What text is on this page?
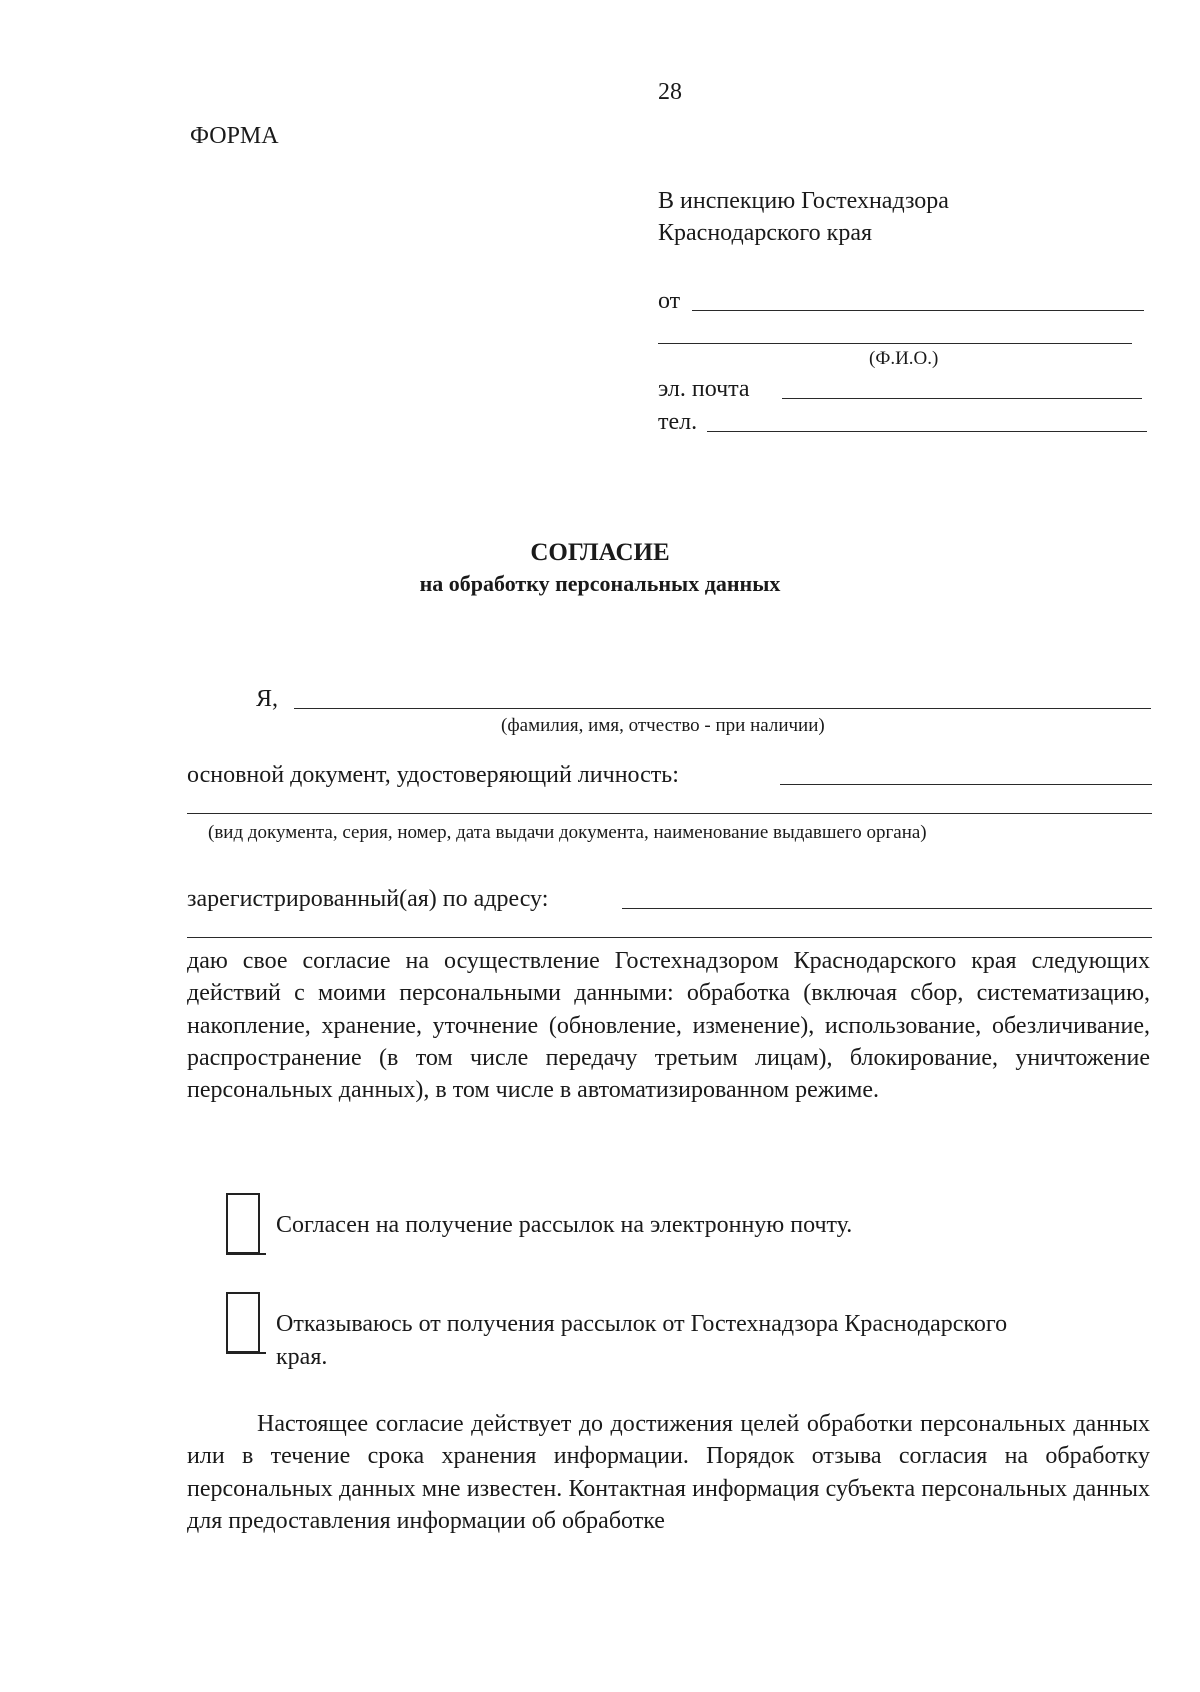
28
ФОРМА
В инспекцию Гостехнадзора
Краснодарского края
от
(Ф.И.О.)
эл. почта
тел.
СОГЛАСИЕ
на обработку персональных данных
Я,
(фамилия, имя, отчество - при наличии)
основной документ, удостоверяющий личность:
(вид документа, серия, номер, дата выдачи документа, наименование выдавшего органа)
зарегистрированный(ая) по адресу:
даю свое согласие на осуществление Гостехнадзором Краснодарского края следующих действий с моими персональными данными: обработка (включая сбор, систематизацию, накопление, хранение, уточнение (обновление, изменение), использование, обезличивание, распространение (в том числе передачу третьим лицам), блокирование, уничтожение персональных данных), в том числе в автоматизированном режиме.
Согласен на получение рассылок на электронную почту.
Отказываюсь от получения рассылок от Гостехнадзора Краснодарского
края.
Настоящее согласие действует до достижения целей обработки персональных данных или в течение срока хранения информации. Порядок отзыва согласия на обработку персональных данных мне известен. Контактная информация субъекта персональных данных для предоставления информации об обработке
